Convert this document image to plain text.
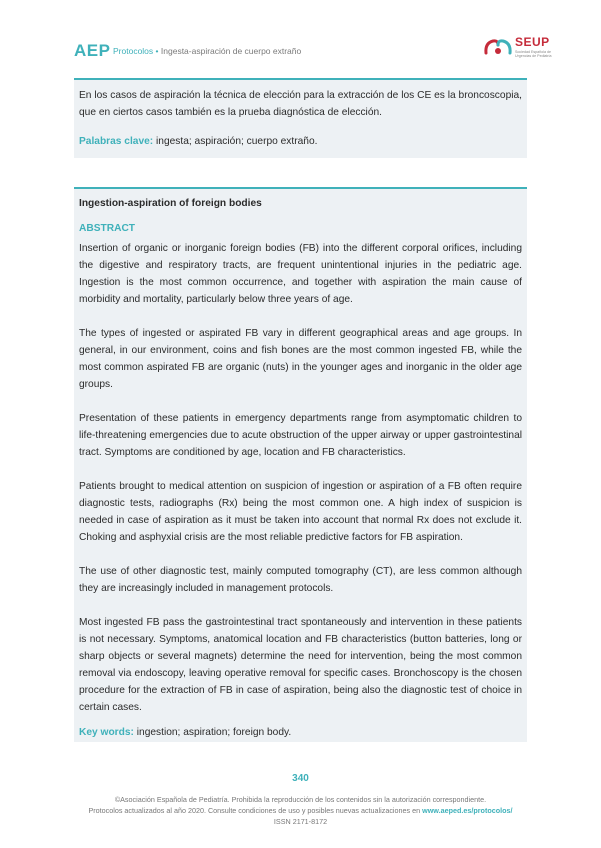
AEP Protocolos • Ingesta-aspiración de cuerpo extraño
SEUP
Sociedad Española de Urgencias de Pediatría

En los casos de aspiración la técnica de elección para la extracción de los CE es la broncoscopia, que en ciertos casos también es la prueba diagnóstica de elección.

Palabras clave: ingesta; aspiración; cuerpo extraño.

Ingestion-aspiration of foreign bodies
ABSTRACT

Insertion of organic or inorganic foreign bodies (FB) into the different corporal orifices, including the digestive and respiratory tracts, are frequent unintentional injuries in the pediatric age. Ingestion is the most common occurrence, and together with aspiration the main cause of morbidity and mortality, particularly below three years of age.

The types of ingested or aspirated FB vary in different geographical areas and age groups. In general, in our environment, coins and fish bones are the most common ingested FB, while the most common aspirated FB are organic (nuts) in the younger ages and inorganic in the older age groups.

Presentation of these patients in emergency departments range from asymptomatic children to life-threatening emergencies due to acute obstruction of the upper airway or upper gastrointestinal tract. Symptoms are conditioned by age, location and FB characteristics.

Patients brought to medical attention on suspicion of ingestion or aspiration of a FB often require diagnostic tests, radiographs (Rx) being the most common one. A high index of suspicion is needed in case of aspiration as it must be taken into account that normal Rx does not exclude it. Choking and asphyxial crisis are the most reliable predictive factors for FB aspiration.

The use of other diagnostic test, mainly computed tomography (CT), are less common although they are increasingly included in management protocols.

Most ingested FB pass the gastrointestinal tract spontaneously and intervention in these patients is not necessary. Symptoms, anatomical location and FB characteristics (button batteries, long or sharp objects or several magnets) determine the need for intervention, being the most common removal via endoscopy, leaving operative removal for specific cases. Bronchoscopy is the chosen procedure for the extraction of FB in case of aspiration, being also the diagnostic test of choice in certain cases.

Key words: ingestion; aspiration; foreign body.

340
©Asociación Española de Pediatría. Prohibida la reproducción de los contenidos sin la autorización correspondiente.
Protocolos actualizados al año 2020. Consulte condiciones de uso y posibles nuevas actualizaciones en www.aeped.es/protocolos/
ISSN 2171-8172
